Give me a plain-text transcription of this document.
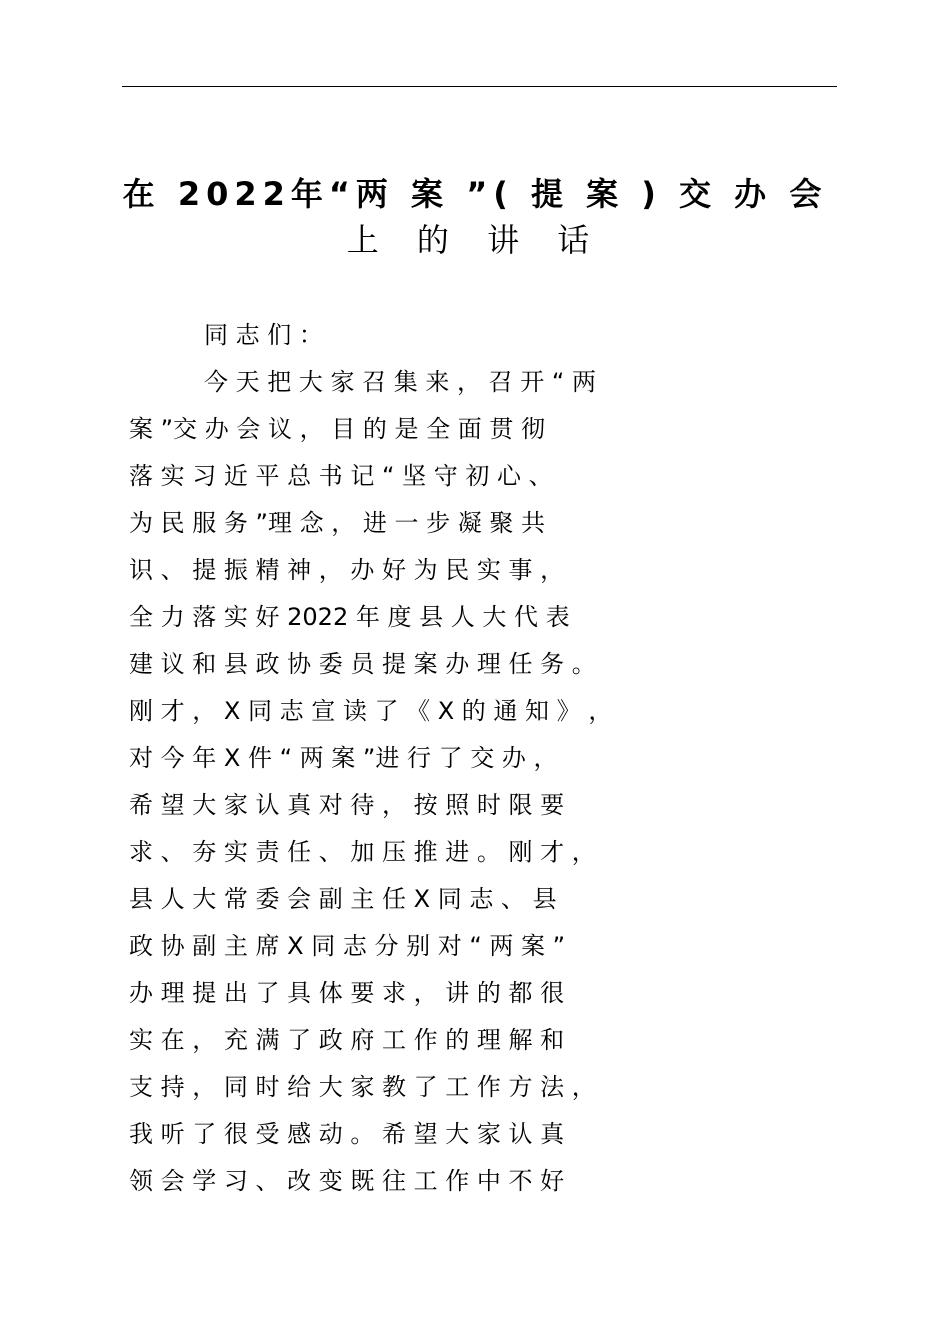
在 2022年“两 案 ”( 提 案 ) 交 办 会
上 的 讲 话
同 志 们 ：
今 天 把 大 家 召 集 来 ， 召 开 “ 两
案 ”交 办 会 议 ， 目 的 是 全 面 贯 彻
落 实 习 近 平 总 书 记 “ 坚 守 初 心 、
为 民 服 务 ”理 念 ， 进 一 步 凝 聚 共
识 、 提 振 精 神 ， 办 好 为 民 实 事 ，
全 力 落 实 好 2022 年 度 县 人 大 代 表
建 议 和 县 政 协 委 员 提 案 办 理 任 务 。
刚 才 ， X 同 志 宣 读 了 《 X 的 通 知 》 ，
对 今 年 X 件 “ 两 案 ”进 行 了 交 办 ，
希 望 大 家 认 真 对 待 ， 按 照 时 限 要
求 、 夯 实 责 任 、 加 压 推 进 。 刚 才 ，
县 人 大 常 委 会 副 主 任 X 同 志 、 县
政 协 副 主 席 X 同 志 分 别 对 “ 两 案 ”
办 理 提 出 了 具 体 要 求 ， 讲 的 都 很
实 在 ， 充 满 了 政 府 工 作 的 理 解 和
支 持 ， 同 时 给 大 家 教 了 工 作 方 法 ，
我 听 了 很 受 感 动 。 希 望 大 家 认 真
领 会 学 习 、 改 变 既 往 工 作 中 不 好
